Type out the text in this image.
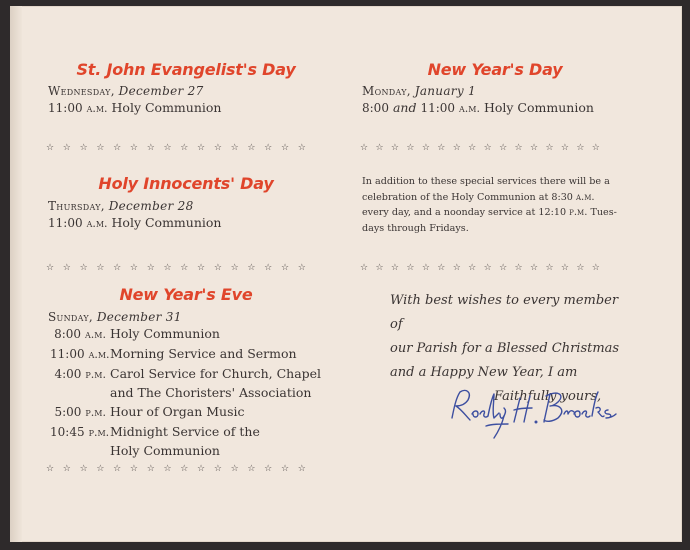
St. John Evangelist's Day
Wednesday, December 27
11:00 a.m. Holy Communion
☆ ☆ ☆ ☆ ☆ ☆ ☆ ☆ ☆ ☆ ☆ ☆ ☆ ☆ ☆ ☆
Holy Innocents' Day
Thursday, December 28
11:00 a.m. Holy Communion
☆ ☆ ☆ ☆ ☆ ☆ ☆ ☆ ☆ ☆ ☆ ☆ ☆ ☆ ☆ ☆
New Year's Eve
Sunday, December 31
8:00 a.m. Holy Communion
11:00 a.m. Morning Service and Sermon
4:00 p.m. Carol Service for Church, Chapel
and The Choristers' Association
5:00 p.m. Hour of Organ Music
10:45 p.m. Midnight Service of the
Holy Communion
☆ ☆ ☆ ☆ ☆ ☆ ☆ ☆ ☆ ☆ ☆ ☆ ☆ ☆ ☆ ☆
New Year's Day
Monday, January 1
8:00 and 11:00 a.m. Holy Communion
☆ ☆ ☆ ☆ ☆ ☆ ☆ ☆ ☆ ☆ ☆ ☆ ☆ ☆ ☆ ☆
In addition to these special services there will be a
celebration of the Holy Communion at 8:30 a.m.
every day, and a noonday service at 12:10 p.m. Tues-
days through Fridays.
☆ ☆ ☆ ☆ ☆ ☆ ☆ ☆ ☆ ☆ ☆ ☆ ☆ ☆ ☆ ☆
With best wishes to every member of
our Parish for a Blessed Christmas
and a Happy New Year, I am
Faithfully yours,
